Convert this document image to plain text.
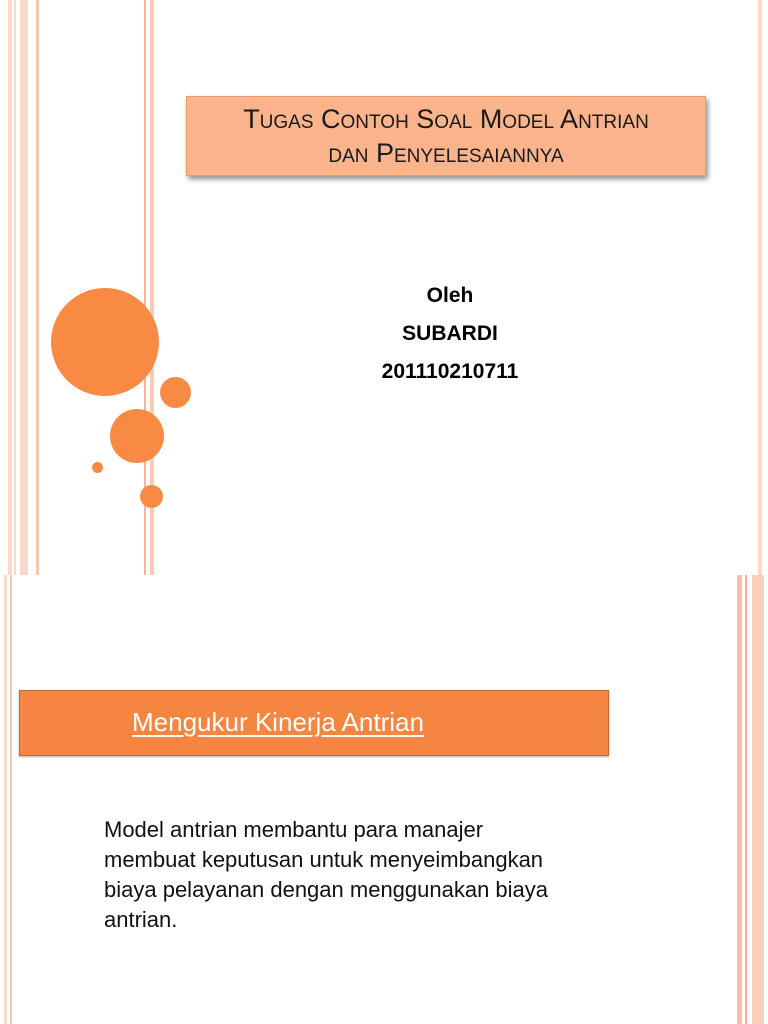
Tugas Contoh Soal Model Antrian
dan Penyelesaiannya
Oleh
SUBARDI
201110210711
Mengukur Kinerja Antrian
Model antrian membantu para manajer membuat keputusan untuk menyeimbangkan biaya pelayanan dengan menggunakan biaya antrian.
